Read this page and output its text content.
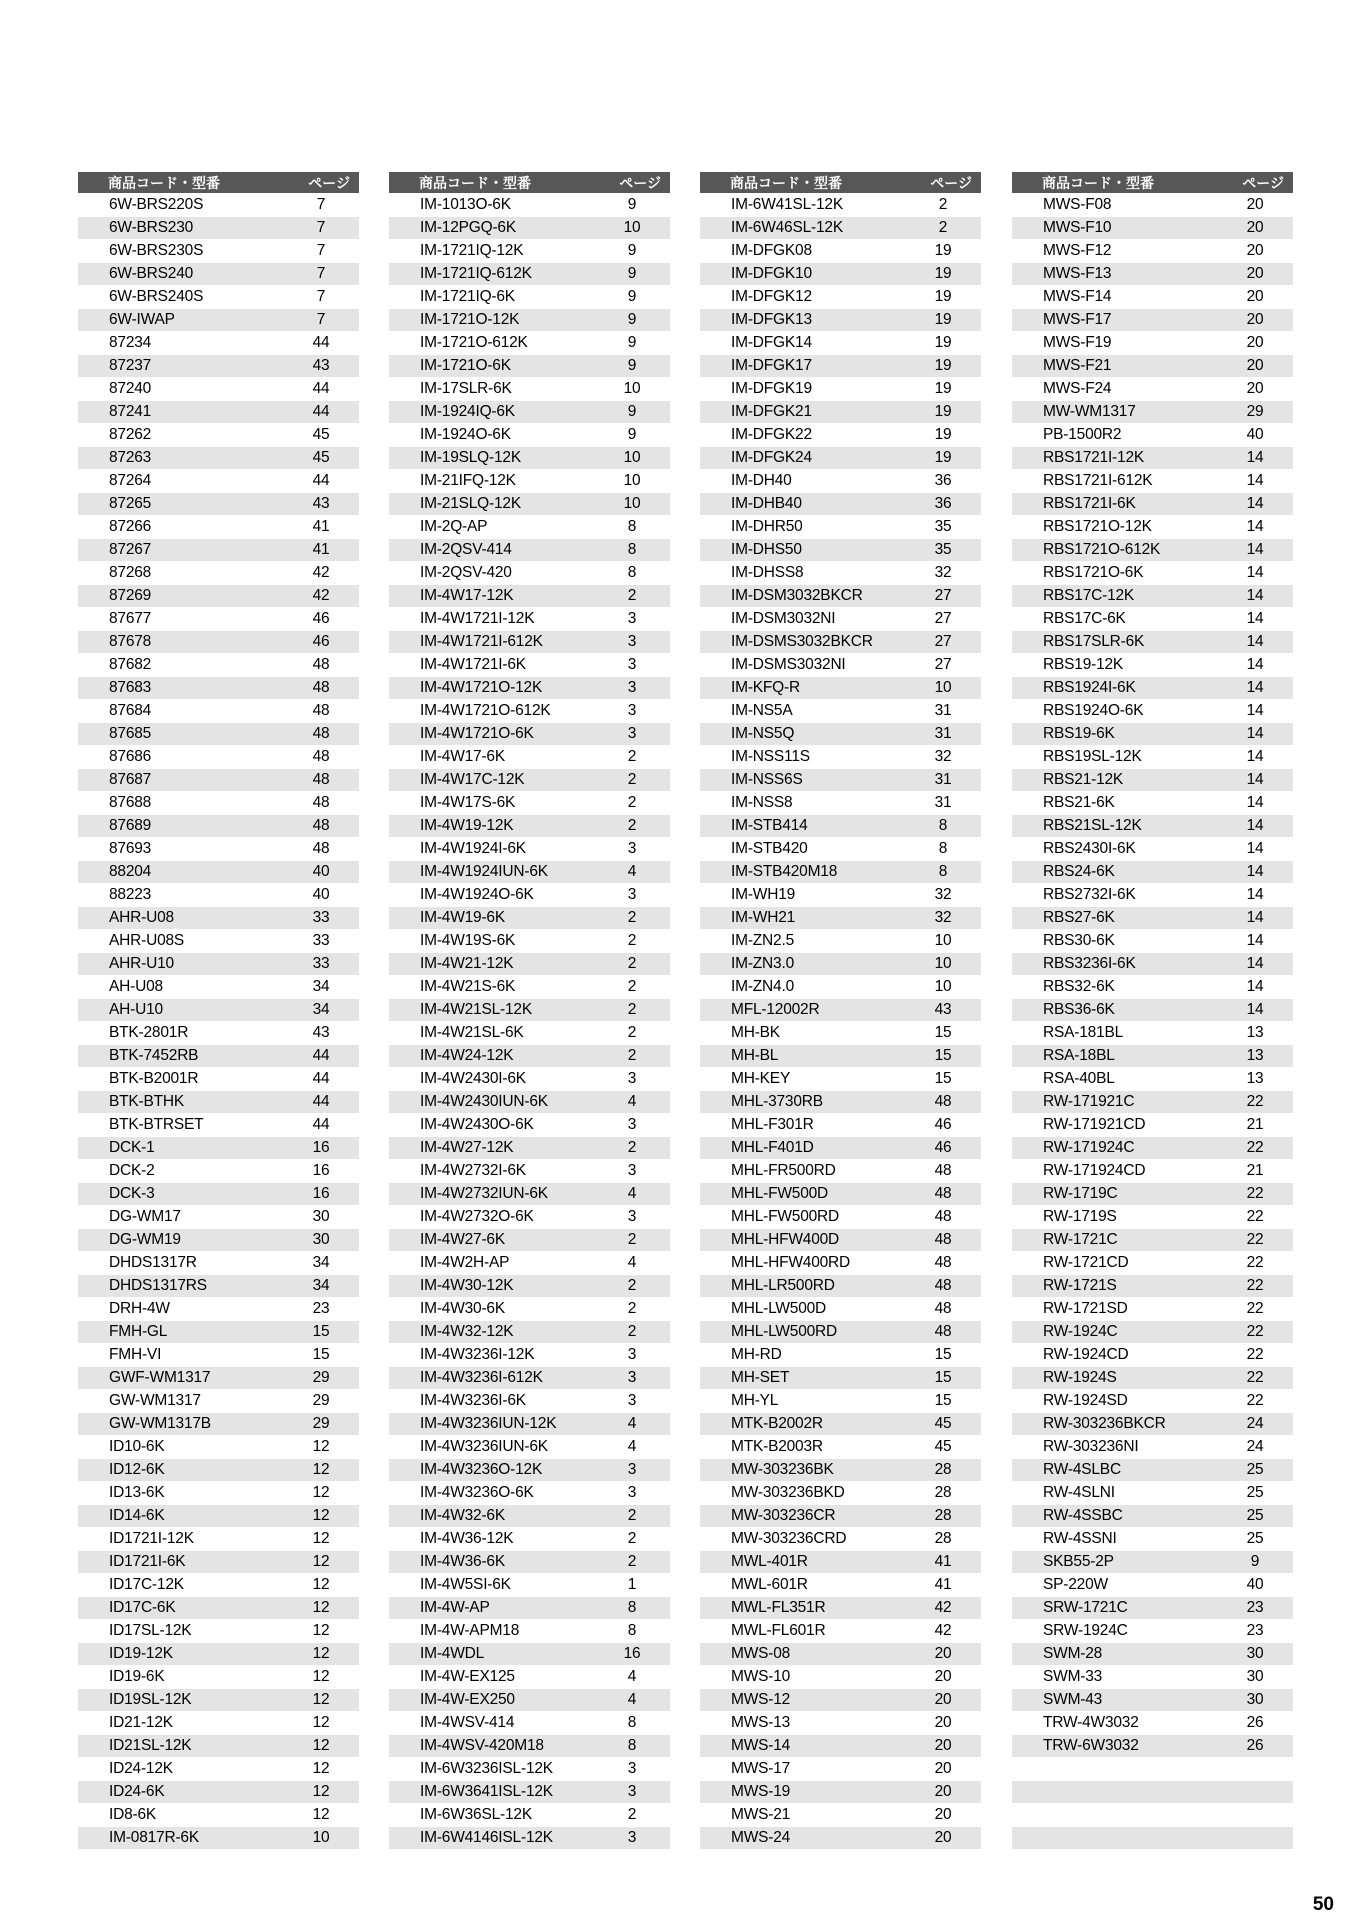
商品コード・型番	ページ
6W-BRS220S	7
6W-BRS230	7
6W-BRS230S	7
6W-BRS240	7
6W-BRS240S	7
6W-IWAP	7
87234	44
87237	43
87240	44
87241	44
87262	45
87263	45
87264	44
87265	43
87266	41
87267	41
87268	42
87269	42
87677	46
87678	46
87682	48
87683	48
87684	48
87685	48
87686	48
87687	48
87688	48
87689	48
87693	48
88204	40
88223	40
AHR-U08	33
AHR-U08S	33
AHR-U10	33
AH-U08	34
AH-U10	34
BTK-2801R	43
BTK-7452RB	44
BTK-B2001R	44
BTK-BTHK	44
BTK-BTRSET	44
DCK-1	16
DCK-2	16
DCK-3	16
DG-WM17	30
DG-WM19	30
DHDS1317R	34
DHDS1317RS	34
DRH-4W	23
FMH-GL	15
FMH-VI	15
GWF-WM1317	29
GW-WM1317	29
GW-WM1317B	29
ID10-6K	12
ID12-6K	12
ID13-6K	12
ID14-6K	12
ID1721I-12K	12
ID1721I-6K	12
ID17C-12K	12
ID17C-6K	12
ID17SL-12K	12
ID19-12K	12
ID19-6K	12
ID19SL-12K	12
ID21-12K	12
ID21SL-12K	12
ID24-12K	12
ID24-6K	12
ID8-6K	12
IM-0817R-6K	10
商品コード・型番	ページ
IM-1013O-6K	9
IM-12PGQ-6K	10
IM-1721IQ-12K	9
IM-1721IQ-612K	9
IM-1721IQ-6K	9
IM-1721O-12K	9
IM-1721O-612K	9
IM-1721O-6K	9
IM-17SLR-6K	10
IM-1924IQ-6K	9
IM-1924O-6K	9
IM-19SLQ-12K	10
IM-21IFQ-12K	10
IM-21SLQ-12K	10
IM-2Q-AP	8
IM-2QSV-414	8
IM-2QSV-420	8
IM-4W17-12K	2
IM-4W1721I-12K	3
IM-4W1721I-612K	3
IM-4W1721I-6K	3
IM-4W1721O-12K	3
IM-4W1721O-612K	3
IM-4W1721O-6K	3
IM-4W17-6K	2
IM-4W17C-12K	2
IM-4W17S-6K	2
IM-4W19-12K	2
IM-4W1924I-6K	3
IM-4W1924IUN-6K	4
IM-4W1924O-6K	3
IM-4W19-6K	2
IM-4W19S-6K	2
IM-4W21-12K	2
IM-4W21S-6K	2
IM-4W21SL-12K	2
IM-4W21SL-6K	2
IM-4W24-12K	2
IM-4W2430I-6K	3
IM-4W2430IUN-6K	4
IM-4W2430O-6K	3
IM-4W27-12K	2
IM-4W2732I-6K	3
IM-4W2732IUN-6K	4
IM-4W2732O-6K	3
IM-4W27-6K	2
IM-4W2H-AP	4
IM-4W30-12K	2
IM-4W30-6K	2
IM-4W32-12K	2
IM-4W3236I-12K	3
IM-4W3236I-612K	3
IM-4W3236I-6K	3
IM-4W3236IUN-12K	4
IM-4W3236IUN-6K	4
IM-4W3236O-12K	3
IM-4W3236O-6K	3
IM-4W32-6K	2
IM-4W36-12K	2
IM-4W36-6K	2
IM-4W5SI-6K	1
IM-4W-AP	8
IM-4W-APM18	8
IM-4WDL	16
IM-4W-EX125	4
IM-4W-EX250	4
IM-4WSV-414	8
IM-4WSV-420M18	8
IM-6W3236ISL-12K	3
IM-6W3641ISL-12K	3
IM-6W36SL-12K	2
IM-6W4146ISL-12K	3
商品コード・型番	ページ
IM-6W41SL-12K	2
IM-6W46SL-12K	2
IM-DFGK08	19
IM-DFGK10	19
IM-DFGK12	19
IM-DFGK13	19
IM-DFGK14	19
IM-DFGK17	19
IM-DFGK19	19
IM-DFGK21	19
IM-DFGK22	19
IM-DFGK24	19
IM-DH40	36
IM-DHB40	36
IM-DHR50	35
IM-DHS50	35
IM-DHSS8	32
IM-DSM3032BKCR	27
IM-DSM3032NI	27
IM-DSMS3032BKCR	27
IM-DSMS3032NI	27
IM-KFQ-R	10
IM-NS5A	31
IM-NS5Q	31
IM-NSS11S	32
IM-NSS6S	31
IM-NSS8	31
IM-STB414	8
IM-STB420	8
IM-STB420M18	8
IM-WH19	32
IM-WH21	32
IM-ZN2.5	10
IM-ZN3.0	10
IM-ZN4.0	10
MFL-12002R	43
MH-BK	15
MH-BL	15
MH-KEY	15
MHL-3730RB	48
MHL-F301R	46
MHL-F401D	46
MHL-FR500RD	48
MHL-FW500D	48
MHL-FW500RD	48
MHL-HFW400D	48
MHL-HFW400RD	48
MHL-LR500RD	48
MHL-LW500D	48
MHL-LW500RD	48
MH-RD	15
MH-SET	15
MH-YL	15
MTK-B2002R	45
MTK-B2003R	45
MW-303236BK	28
MW-303236BKD	28
MW-303236CR	28
MW-303236CRD	28
MWL-401R	41
MWL-601R	41
MWL-FL351R	42
MWL-FL601R	42
MWS-08	20
MWS-10	20
MWS-12	20
MWS-13	20
MWS-14	20
MWS-17	20
MWS-19	20
MWS-21	20
MWS-24	20
商品コード・型番	ページ
MWS-F08	20
MWS-F10	20
MWS-F12	20
MWS-F13	20
MWS-F14	20
MWS-F17	20
MWS-F19	20
MWS-F21	20
MWS-F24	20
MW-WM1317	29
PB-1500R2	40
RBS1721I-12K	14
RBS1721I-612K	14
RBS1721I-6K	14
RBS1721O-12K	14
RBS1721O-612K	14
RBS1721O-6K	14
RBS17C-12K	14
RBS17C-6K	14
RBS17SLR-6K	14
RBS19-12K	14
RBS1924I-6K	14
RBS1924O-6K	14
RBS19-6K	14
RBS19SL-12K	14
RBS21-12K	14
RBS21-6K	14
RBS21SL-12K	14
RBS2430I-6K	14
RBS24-6K	14
RBS2732I-6K	14
RBS27-6K	14
RBS30-6K	14
RBS3236I-6K	14
RBS32-6K	14
RBS36-6K	14
RSA-181BL	13
RSA-18BL	13
RSA-40BL	13
RW-171921C	22
RW-171921CD	21
RW-171924C	22
RW-171924CD	21
RW-1719C	22
RW-1719S	22
RW-1721C	22
RW-1721CD	22
RW-1721S	22
RW-1721SD	22
RW-1924C	22
RW-1924CD	22
RW-1924S	22
RW-1924SD	22
RW-303236BKCR	24
RW-303236NI	24
RW-4SLBC	25
RW-4SLNI	25
RW-4SSBC	25
RW-4SSNI	25
SKB55-2P	9
SP-220W	40
SRW-1721C	23
SRW-1924C	23
SWM-28	30
SWM-33	30
SWM-43	30
TRW-4W3032	26
TRW-6W3032	26
50
